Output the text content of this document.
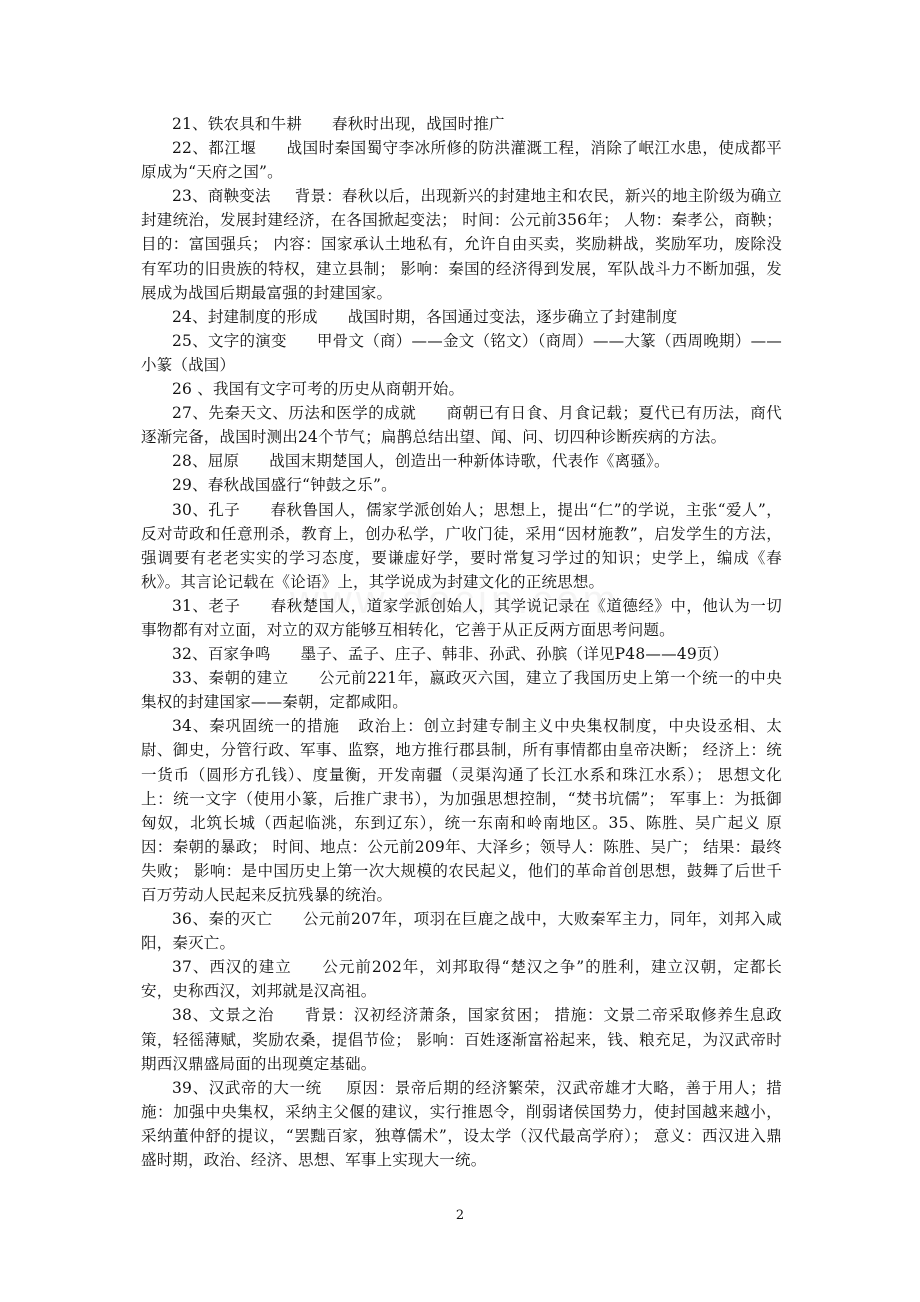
21、铁农具和牛耕 春秋时出现，战国时推广

22、都江堰 战国时秦国蜀守李冰所修的防洪灌溉工程，消除了岷江水患，使成都平原成为“天府之国”。

23、商鞅变法 背景：春秋以后，出现新兴的封建地主和农民，新兴的地主阶级为确立封建统治，发展封建经济，在各国掀起变法； 时间：公元前356年； 人物：秦孝公，商鞅； 目的：富国强兵； 内容：国家承认土地私有，允许自由买卖，奖励耕战，奖励军功，废除没有军功的旧贵族的特权，建立县制； 影响：秦国的经济得到发展，军队战斗力不断加强，发展成为战国后期最富强的封建国家。

24、封建制度的形成 战国时期，各国通过变法，逐步确立了封建制度

25、文字的演变 甲骨文（商）——金文（铭文）（商周）——大篆（西周晚期）——小篆（战国）

26 、我国有文字可考的历史从商朝开始。

27、先秦天文、历法和医学的成就 商朝已有日食、月食记载；夏代已有历法，商代逐渐完备，战国时测出24个节气；扁鹊总结出望、闻、问、切四种诊断疾病的方法。

28、屈原 战国末期楚国人，创造出一种新体诗歌，代表作《离骚》。

29、春秋战国盛行“钟鼓之乐”。

30、孔子 春秋鲁国人，儒家学派创始人；思想上，提出“仁”的学说，主张“爱人”，反对苛政和任意刑杀，教育上，创办私学，广收门徒，采用“因材施教”，启发学生的方法，强调要有老老实实的学习态度，要谦虚好学，要时常复习学过的知识；史学上，编成《春秋》。其言论记载在《论语》上，其学说成为封建文化的正统思想。

31、老子 春秋楚国人，道家学派创始人，其学说记录在《道德经》中，他认为一切事物都有对立面，对立的双方能够互相转化，它善于从正反两方面思考问题。

32、百家争鸣 墨子、孟子、庄子、韩非、孙武、孙膑（详见P48——49页）

33、秦朝的建立 公元前221年，嬴政灭六国，建立了我国历史上第一个统一的中央集权的封建国家——秦朝，定都咸阳。

34、秦巩固统一的措施 政治上：创立封建专制主义中央集权制度，中央设丞相、太尉、御史，分管行政、军事、监察，地方推行郡县制，所有事情都由皇帝决断； 经济上：统一货币（圆形方孔钱）、度量衡，开发南疆（灵渠沟通了长江水系和珠江水系）； 思想文化上：统一文字（使用小篆，后推广隶书），为加强思想控制，“焚书坑儒”； 军事上：为抵御匈奴，北筑长城（西起临洮，东到辽东），统一东南和岭南地区。35、陈胜、吴广起义 原因：秦朝的暴政； 时间、地点：公元前209年、大泽乡；领导人：陈胜、吴广； 结果：最终失败； 影响：是中国历史上第一次大规模的农民起义，他们的革命首创思想，鼓舞了后世千百万劳动人民起来反抗残暴的统治。

36、秦的灭亡 公元前207年，项羽在巨鹿之战中，大败秦军主力，同年，刘邦入咸阳，秦灭亡。

37、西汉的建立 公元前202年，刘邦取得“楚汉之争”的胜利，建立汉朝，定都长安，史称西汉，刘邦就是汉高祖。

38、文景之治 背景：汉初经济萧条，国家贫困； 措施：文景二帝采取修养生息政策，轻徭薄赋，奖励农桑，提倡节俭； 影响：百姓逐渐富裕起来，钱、粮充足，为汉武帝时期西汉鼎盛局面的出现奠定基础。

39、汉武帝的大一统 原因：景帝后期的经济繁荣，汉武帝雄才大略，善于用人；措施：加强中央集权，采纳主父偃的建议，实行推恩令，削弱诸侯国势力，使封国越来越小，采纳董仲舒的提议，“罢黜百家，独尊儒术”，设太学（汉代最高学府）； 意义：西汉进入鼎盛时期，政治、经济、思想、军事上实现大一统。

2
